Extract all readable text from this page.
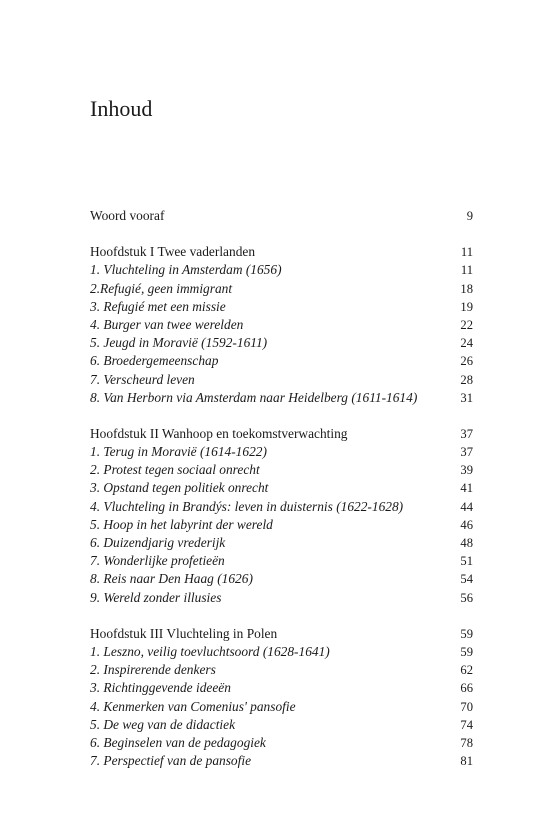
Inhoud
Woord vooraf	9
Hoofdstuk I Twee vaderlanden	11
1. Vluchteling in Amsterdam (1656)	11
2.Refugié, geen immigrant	18
3. Refugié met een missie	19
4. Burger van twee werelden	22
5. Jeugd in Moravië (1592-1611)	24
6. Broedergemeenschap	26
7. Verscheurd leven	28
8. Van Herborn via Amsterdam naar Heidelberg (1611-1614)	31
Hoofdstuk II Wanhoop en toekomstverwachting	37
1. Terug in Moravië (1614-1622)	37
2. Protest tegen sociaal onrecht	39
3. Opstand tegen politiek onrecht	41
4. Vluchteling in Brandýs: leven in duisternis (1622-1628)	44
5. Hoop in het labyrint der wereld	46
6. Duizendjarig vrederijk	48
7. Wonderlijke profetieën	51
8. Reis naar Den Haag (1626)	54
9. Wereld zonder illusies	56
Hoofdstuk III Vluchteling in Polen	59
1. Leszno, veilig toevluchtsoord (1628-1641)	59
2. Inspirerende denkers	62
3. Richtinggevende ideeën	66
4. Kenmerken van Comenius' pansofie	70
5. De weg van de didactiek	74
6. Beginselen van de pedagogiek	78
7. Perspectief van de pansofie	81
